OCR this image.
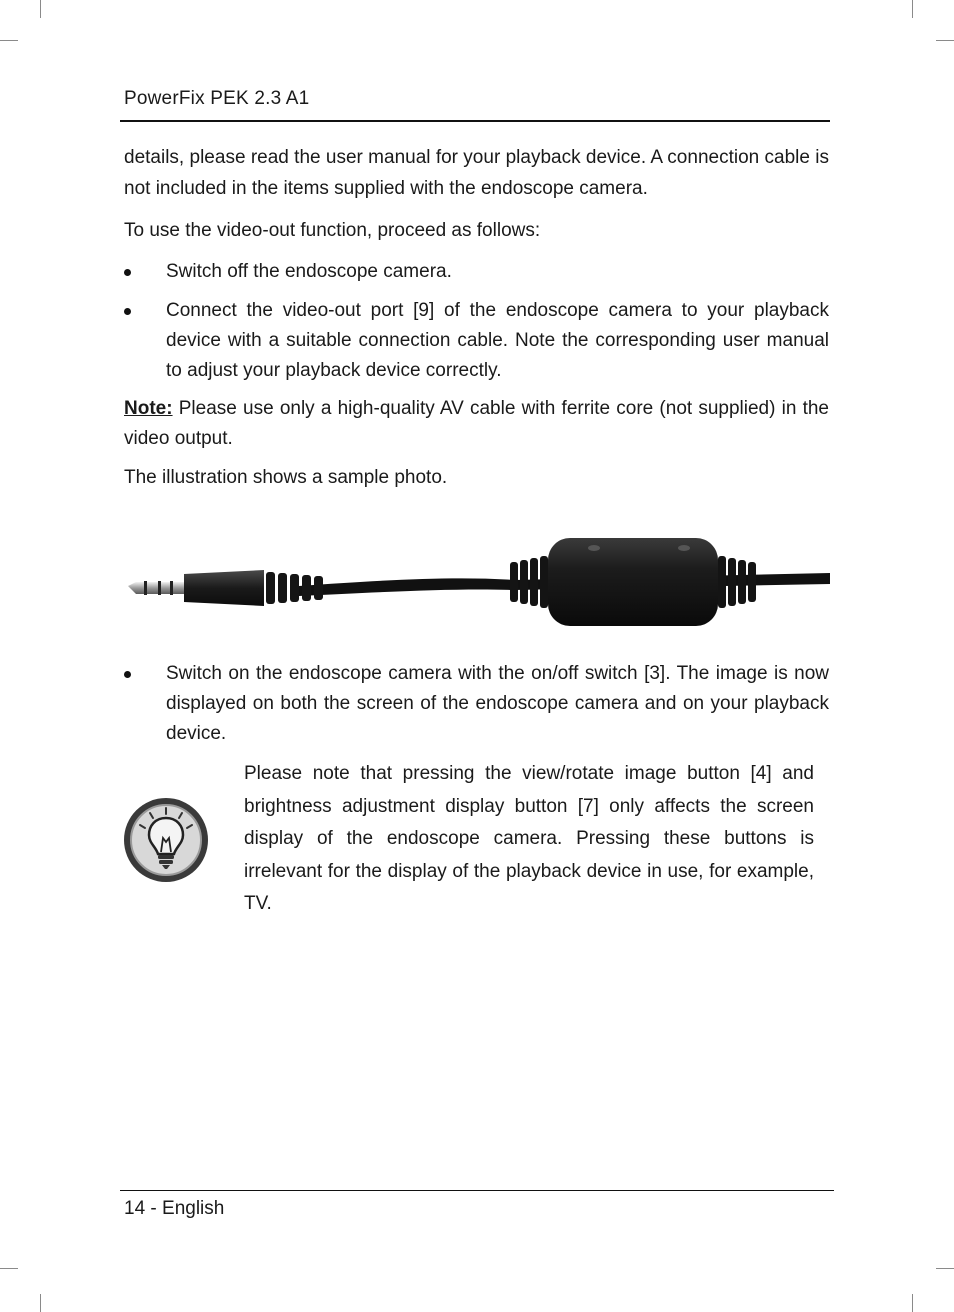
PowerFix PEK 2.3 A1

details, please read the user manual for your playback device. A connection cable is not included in the items supplied with the endoscope camera.

To use the video-out function, proceed as follows:

Switch off the endoscope camera.
Connect the video-out port [9] of the endoscope camera to your playback device with a suitable connection cable. Note the corresponding user manual to adjust your playback device correctly.

Note: Please use only a high-quality AV cable with ferrite core (not supplied) in the video output.

The illustration shows a sample photo.

Switch on the endoscope camera with the on/off switch [3]. The image is now displayed on both the screen of the endoscope camera and on your playback device.
Please note that pressing the view/rotate image button [4] and brightness adjustment display button [7] only affects the screen display of the endoscope camera. Pressing these buttons is irrelevant for the display of the playback device in use, for example, TV.
14 - English
